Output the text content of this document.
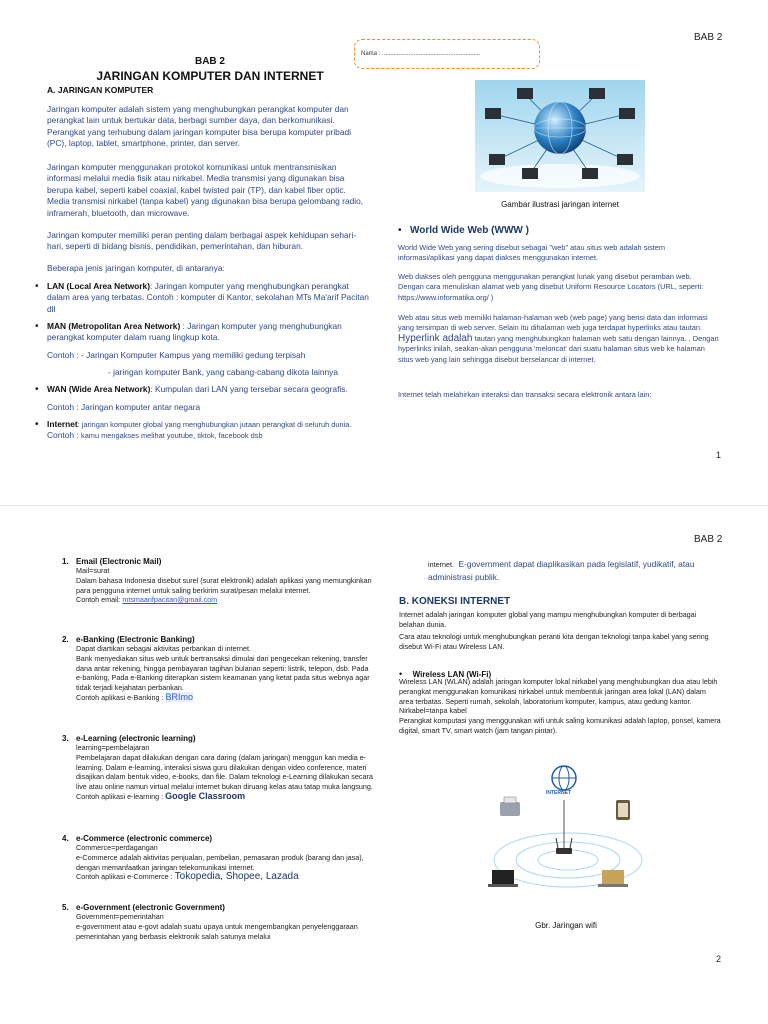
BAB 2
Nama : ...........................................................
BAB 2
JARINGAN KOMPUTER DAN INTERNET
A. JARINGAN KOMPUTER
Jaringan komputer adalah sistem yang menghubungkan perangkat komputer dan perangkat lain untuk bertukar data, berbagi sumber daya, dan berkomunikasi. Perangkat yang terhubung dalam jaringan komputer bisa berupa komputer pribadi (PC), laptop, tablet, smartphone, printer, dan server.
Jaringan komputer menggunakan protokol komunikasi untuk mentransmisikan informasi melalui media fisik atau nirkabel. Media transmisi yang digunakan bisa berupa kabel, seperti kabel coaxial, kabel twisted pair (TP), dan kabel fiber optic. Media transmisi nirkabel (tanpa kabel) yang digunakan bisa berupa gelombang radio, inframerah, bluetooth, dan microwave.
Jaringan komputer memiliki peran penting dalam berbagai aspek kehidupan sehari-hari, seperti di bidang bisnis, pendidikan, pemerintahan, dan hiburan.
Beberapa jenis jaringan komputer, di antaranya:
• LAN (Local Area Network): Jaringan komputer yang menghubungkan perangkat dalam area yang terbatas. Contoh : komputer di Kantor, sekolahan MTs Ma'arif Pacitan dll
• MAN (Metropolitan Area Network) : Jaringan komputer yang menghubungkan perangkat komputer dalam ruang lingkup kota.
Contoh : - Jaringan Komputer Kampus yang memiliki gedung terpisah
- jaringan komputer Bank, yang cabang-cabang dikota lainnya
• WAN (Wide Area Network): Kumpulan dari LAN yang tersebar secara geografis.
Contoh : Jaringan komputer antar negara
• Internet: jaringan komputer global yang menghubungkan jutaan perangkat di seluruh dunia. Contoh : kamu mengakses melihat youtube, tiktok, facebook dsb
Gambar ilustrasi jaringan internet
• World Wide Web (WWW )
World Wide Web yang sering disebut sebagai "web" atau situs web adalah sistem informasi/aplikasi yang dapat diakses menggunakan internet.
Web diakses oleh pengguna menggunakan perangkat lunak yang disebut peramban web. Dengan cara menuliskan alamat web yang disebut Uniform Resource Locators (URL, seperti: https://www.informatika.org/ )
Web atau situs web memiliki halaman-halaman web (web page) yang berisi data dan informasi yang tersimpan di web server. Selain itu dihalaman web juga terdapat hyperlinks atau tautan. Hyperlink adalah tautan yang menghubungkan halaman web satu dengan lainnya. . Dengan hyperlinks inilah, seakan-akan pengguna 'meloncat' dari suatu halaman situs web ke halaman situs web yang lain sehingga disebut berselancar di internet.
Internet telah melahirkan interaksi dan transaksi secara elektronik antara lain:
1
BAB 2
1. Email (Electronic Mail)
Mail=surat
Dalam bahasa Indonesia disebut surel (surat elektronik) adalah aplikasi yang memungkinkan para pengguna internet untuk saling berkirim surat/pesan melalui internet.
Contoh email: mtsmaarifpacitan@gmail.com
2. e-Banking (Electronic Banking)
Dapat diartikan sebagai aktivitas perbankan di internet.
Bank menyediakan situs web untuk bertransaksi dimulai dari pengecekan rekening, transfer dana antar rekening, hingga pembayaran tagihan bulanan seperti: listrik, telepon, dsb. Pada e-banking, Pada e-Banking diterapkan sistem keamanan yang ketat pada situs webnya agar tidak terjadi kejahatan perbankan.
Contoh aplikasi e-Banking : BRImo
3. e-Learning (electronic learning)
learning=pembelajaran
Pembelajaran dapat dilakukan dengan cara daring (dalam jaringan) menggun kan media e-learning. Dalam e-learning, interaksi siswa guru dilakukan dengan video conference, materi disajikan dalam bentuk video, e-books, dan file. Dalam teknologi e-Learning dilakukan secara live atau online namun virtual melalui internet bukan diruang kelas atau tatap muka langsung.
Contoh aplikasi e-learning : Google Classroom
4. e-Commerce (electronic commerce)
Commerce=perdagangan
e-Commerce adalah aktivitas penjualan, pembelian, pemasaran produk (barang dan jasa), dengan memanfaatkan jaringan telekomunikasi internet.
Contoh aplikasi e-Commerce : Tokopedia, Shopee, Lazada
5. e-Government (electronic Government)
Government=pemerintahan
e-government atau e-govt adalah suatu upaya untuk mengembangkan penyelenggaraan pemerintahan yang berbasis elektronik salah satunya melalui
internet. E-government dapat diaplikasikan pada legislatif, yudikatif, atau administrasi publik.
B. KONEKSI INTERNET
Internet adalah jaringan komputer global yang mampu menghubungkan komputer di berbagai belahan dunia.
Cara atau teknologi untuk menghubungkan peranti kita dengan teknologi tanpa kabel yang sering disebut Wi-Fi atau Wireless LAN.
• Wireless LAN (Wi-Fi)
Wireless LAN (WLAN) adalah jaringan komputer lokal nirkabel yang menghubungkan dua atau lebih perangkat menggunakan komunikasi nirkabel untuk membentuk jaringan area lokal (LAN) dalam area terbatas. Seperti rumah, sekolah, laboratorium komputer, kampus, atau gedung kantor.
Nirkabel=tanpa kabel
Perangkat komputasi yang menggunakan wifi untuk saling komunikasi adalah laptop, ponsel, kamera digital, smart TV, smart watch (jam tangan pintar).
INTERNET
Gbr. Jaringan wifi
2
